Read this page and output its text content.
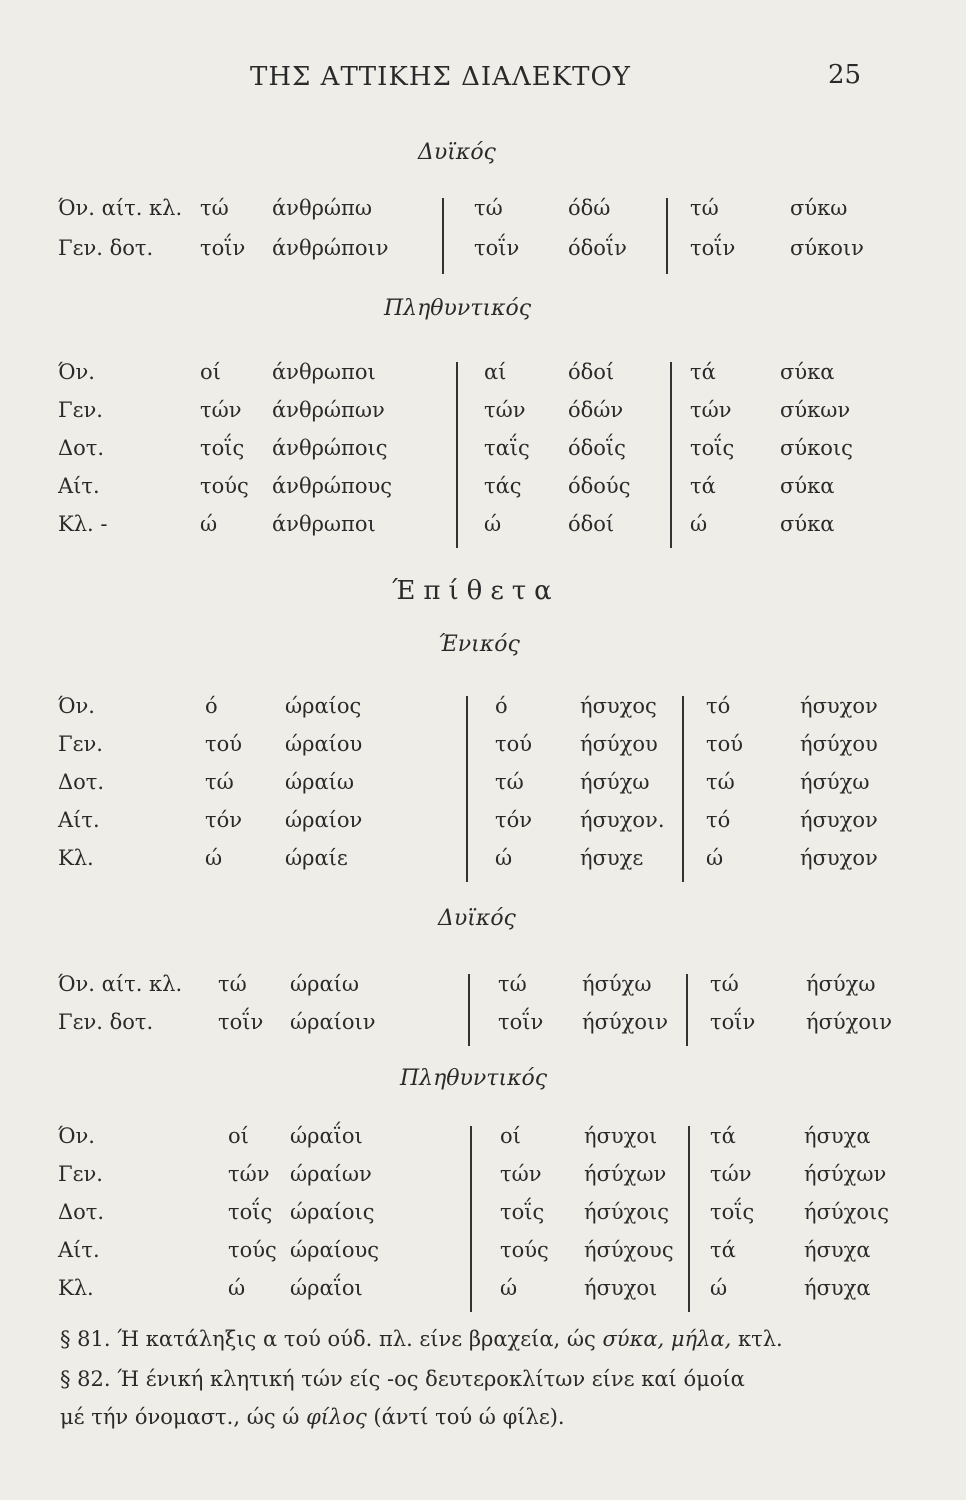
ΤΗΣ ΑΤΤΙΚΗΣ ΔΙΑΛΕΚΤΟΥ	25
Δυϊκός
Όν. αίτ. κλ. τώ άνθρώπω	τώ	όδώ	τώ	σύκω
Γεν. δοτ. τοΐν άνθρώποιν	τοΐν όδοΐν	τοΐν	σύκοιν
Πληθυντικός
Όν.	οί άνθρωποι	αί	όδοί	τά	σύκα
Γεν.	τών άνθρώπων	τών όδών	τών σύκων
Δοτ.	τοΐς άνθρώποις	ταΐς όδοΐς	τοΐς σύκοις
Αίτ.	τούς άνθρώπους	τάς όδούς	τά	σύκα
Κλ. -	ώ	άνθρωποι	ώ	όδοί	ώ	σύκα
Έπίθετα
Ένικός
Όν.	ό	ώραίος	ό	ήσυχος τό	ήσυχον
Γεν.	τού ώραίου	τού ήσύχου τού	ήσύχου
Δοτ.	τώ ώραίω	τώ	ήσύχω	τώ	ήσύχω
Αίτ.	τόν ώραίον	τόν ήσυχον. τό	ήσυχον
Κλ.	ώ	ώραίε	ώ	ήσυχε	ώ	ήσυχον
Δυϊκός
Όν. αίτ. κλ. τώ ώραίω	τώ	ήσύχω	τώ	ήσύχω
Γεν. δοτ.	τοΐν ώραίοιν	τοΐν ήσύχοιν τοΐν ήσύχοιν
Πληθυντικός
Όν.	οί ώραΐοι	οί	ήσυχοι	τά	ήσυχα
Γεν.	τών ώραίων	τών ήσύχων τών ήσύχων
Δοτ.	τοΐς ώραίοις	τοΐς ήσύχοις τοΐς ήσύχοις
Αίτ.	τούς ώραίους	τούς ήσύχους τά	ήσυχα
Κλ.	ώ ώραΐοι	ώ	ήσυχοι	ώ	ήσυχα
§ 81. Ή κατάληξις α τού ούδ. πλ. είνε βραχεία, ώς σύκα, μήλα, κτλ.
§ 82. Ή ένική κλητική τών είς -ος δευτεροκλίτων είνε καί όμοία
μέ τήν όνομαστ., ώς ώ φίλος (άντί τού ώ φίλε).
